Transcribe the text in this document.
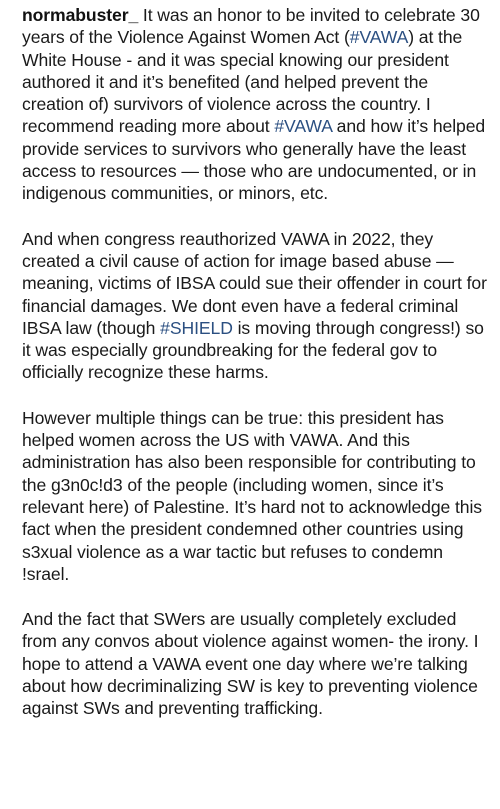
normabuster_ It was an honor to be invited to celebrate 30 years of the Violence Against Women Act (#VAWA) at the White House - and it was special knowing our president authored it and it’s benefited (and helped prevent the creation of) survivors of violence across the country. I recommend reading more about #VAWA and how it’s helped provide services to survivors who generally have the least access to resources — those who are undocumented, or in indigenous communities, or minors, etc.

And when congress reauthorized VAWA in 2022, they created a civil cause of action for image based abuse — meaning, victims of IBSA could sue their offender in court for financial damages. We dont even have a federal criminal IBSA law (though #SHIELD is moving through congress!) so it was especially groundbreaking for the federal gov to officially recognize these harms.

However multiple things can be true: this president has helped women across the US with VAWA. And this administration has also been responsible for contributing to the g3n0c!d3 of the people (including women, since it’s relevant here) of Palestine. It’s hard not to acknowledge this fact when the president condemned other countries using s3xual violence as a war tactic but refuses to condemn !srael.

And the fact that SWers are usually completely excluded from any convos about violence against women- the irony. I hope to attend a VAWA event one day where we’re talking about how decriminalizing SW is key to preventing violence against SWs and preventing trafficking.
